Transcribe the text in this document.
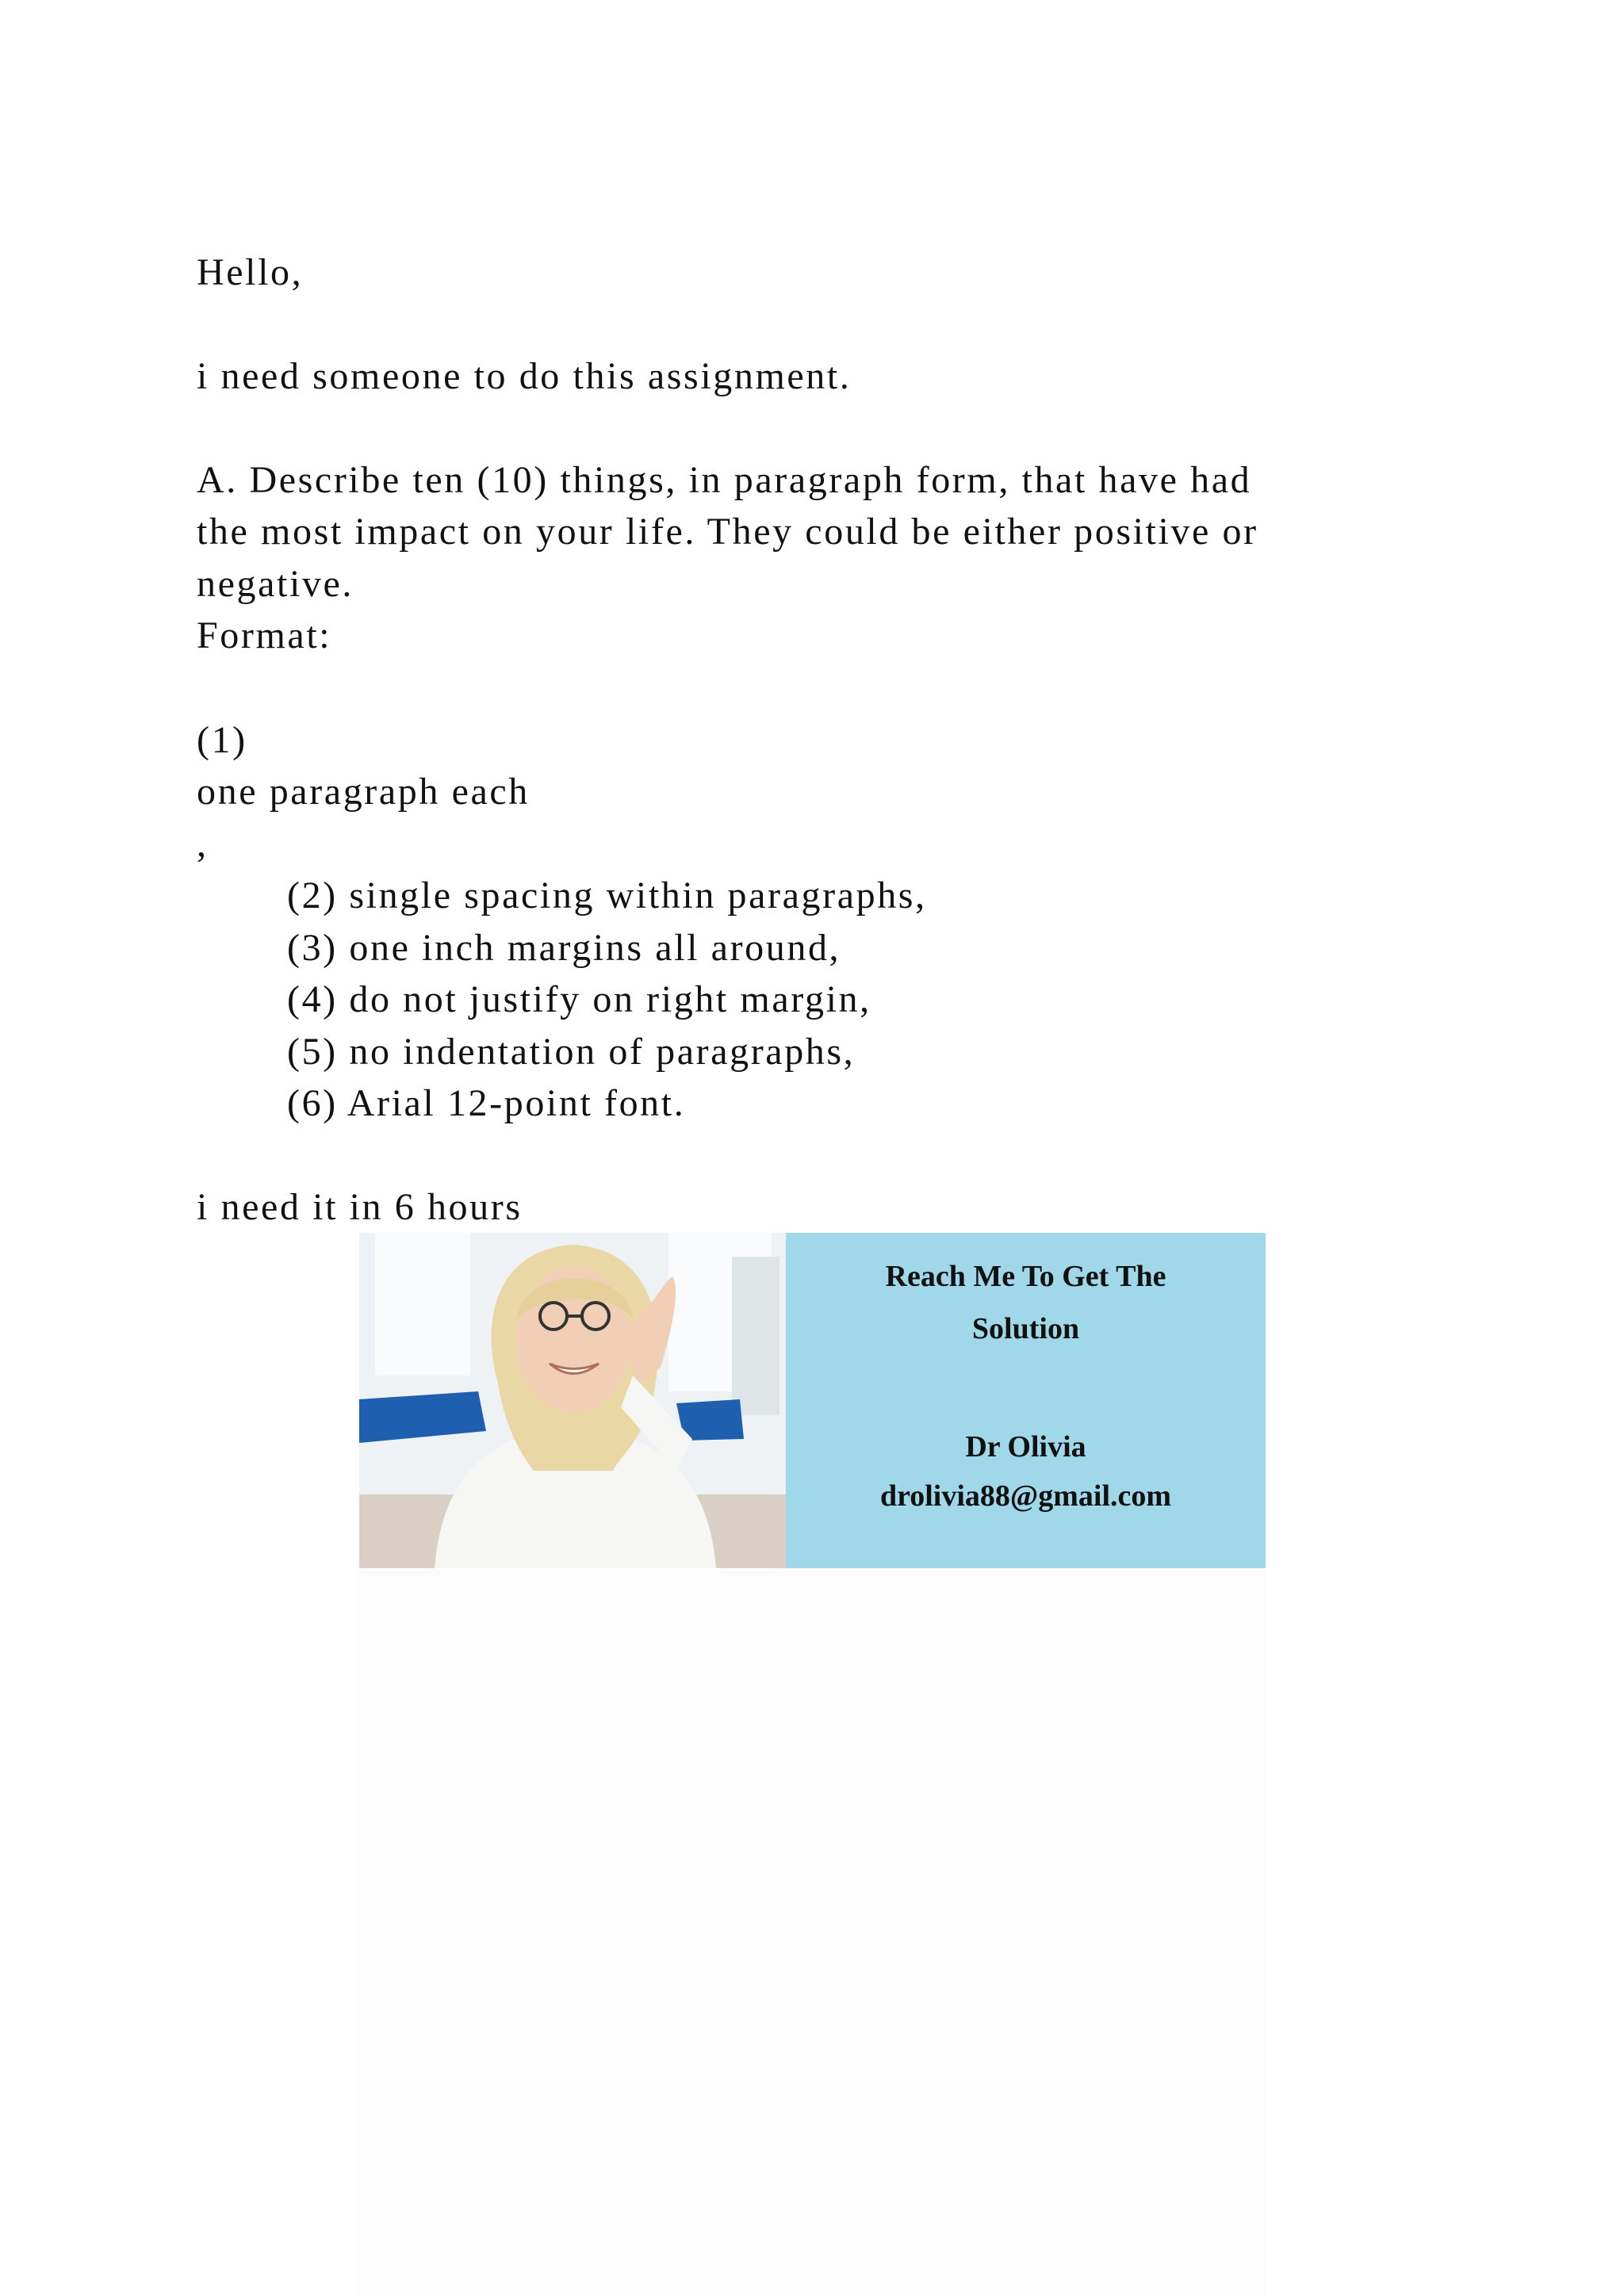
Hello,

i need someone to do this assignment.

A. Describe ten (10) things, in paragraph form, that have had

the most impact on your life. They could be either positive or

negative.

Format:

(1)

one paragraph each

,

(2) single spacing within paragraphs,

(3) one inch margins all around,

(4) do not justify on right margin,

(5) no indentation of paragraphs,

(6) Arial 12-point font.

i need it in 6 hours

Reach Me To Get The
Solution
Dr Olivia
drolivia88@gmail.com
